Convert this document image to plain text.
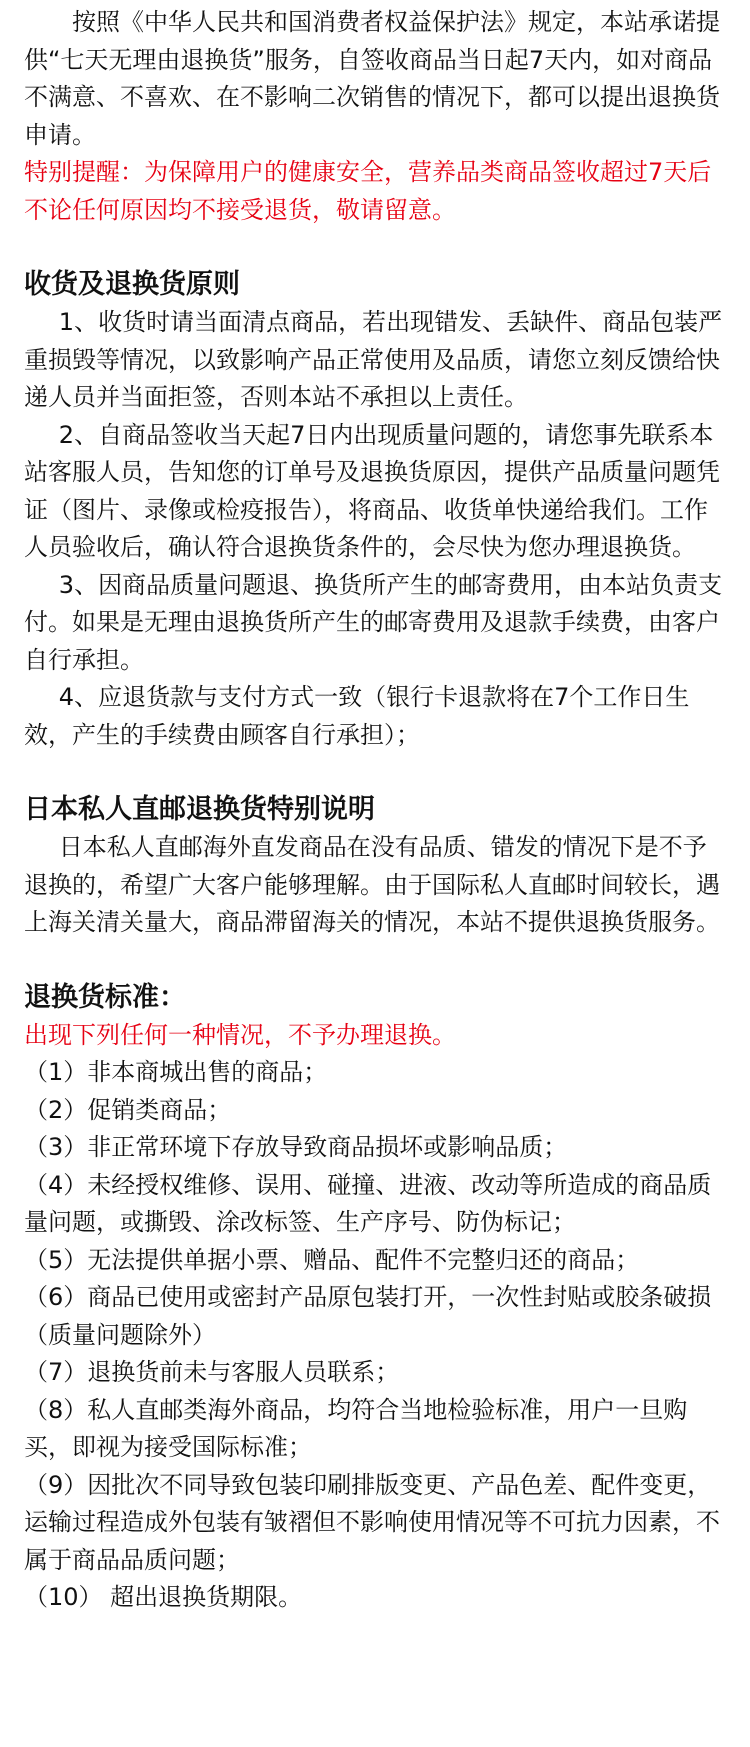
按照《中华人民共和国消费者权益保护法》规定，本站承诺提供“七天无理由退换货”服务，自签收商品当日起7天内，如对商品不满意、不喜欢、在不影响二次销售的情况下，都可以提出退换货申请。

特别提醒：为保障用户的健康安全，营养品类商品签收超过7天后不论任何原因均不接受退货，敬请留意。

收货及退换货原则

1、收货时请当面清点商品，若出现错发、丢缺件、商品包装严重损毁等情况，以致影响产品正常使用及品质，请您立刻反馈给快递人员并当面拒签，否则本站不承担以上责任。

2、自商品签收当天起7日内出现质量问题的，请您事先联系本站客服人员，告知您的订单号及退换货原因，提供产品质量问题凭证（图片、录像或检疫报告），将商品、收货单快递给我们。工作人员验收后，确认符合退换货条件的，会尽快为您办理退换货。

3、因商品质量问题退、换货所产生的邮寄费用，由本站负责支付。如果是无理由退换货所产生的邮寄费用及退款手续费，由客户自行承担。

4、应退货款与支付方式一致（银行卡退款将在7个工作日生效，产生的手续费由顾客自行承担）；

日本私人直邮退换货特别说明

日本私人直邮海外直发商品在没有品质、错发的情况下是不予退换的，希望广大客户能够理解。由于国际私人直邮时间较长，遇上海关清关量大，商品滞留海关的情况，本站不提供退换货服务。

退换货标准：

出现下列任何一种情况，不予办理退换。

（1）非本商城出售的商品；

（2）促销类商品；

（3）非正常环境下存放导致商品损坏或影响品质；

（4）未经授权维修、误用、碰撞、进液、改动等所造成的商品质量问题，或撕毁、涂改标签、生产序号、防伪标记；

（5）无法提供单据小票、赠品、配件不完整归还的商品；

（6）商品已使用或密封产品原包装打开，一次性封贴或胶条破损（质量问题除外）

（7）退换货前未与客服人员联系；

（8）私人直邮类海外商品，均符合当地检验标准，用户一旦购买，即视为接受国际标准；

（9）因批次不同导致包装印刷排版变更、产品色差、配件变更，运输过程造成外包装有皱褶但不影响使用情况等不可抗力因素，不属于商品品质问题；

（10） 超出退换货期限。
